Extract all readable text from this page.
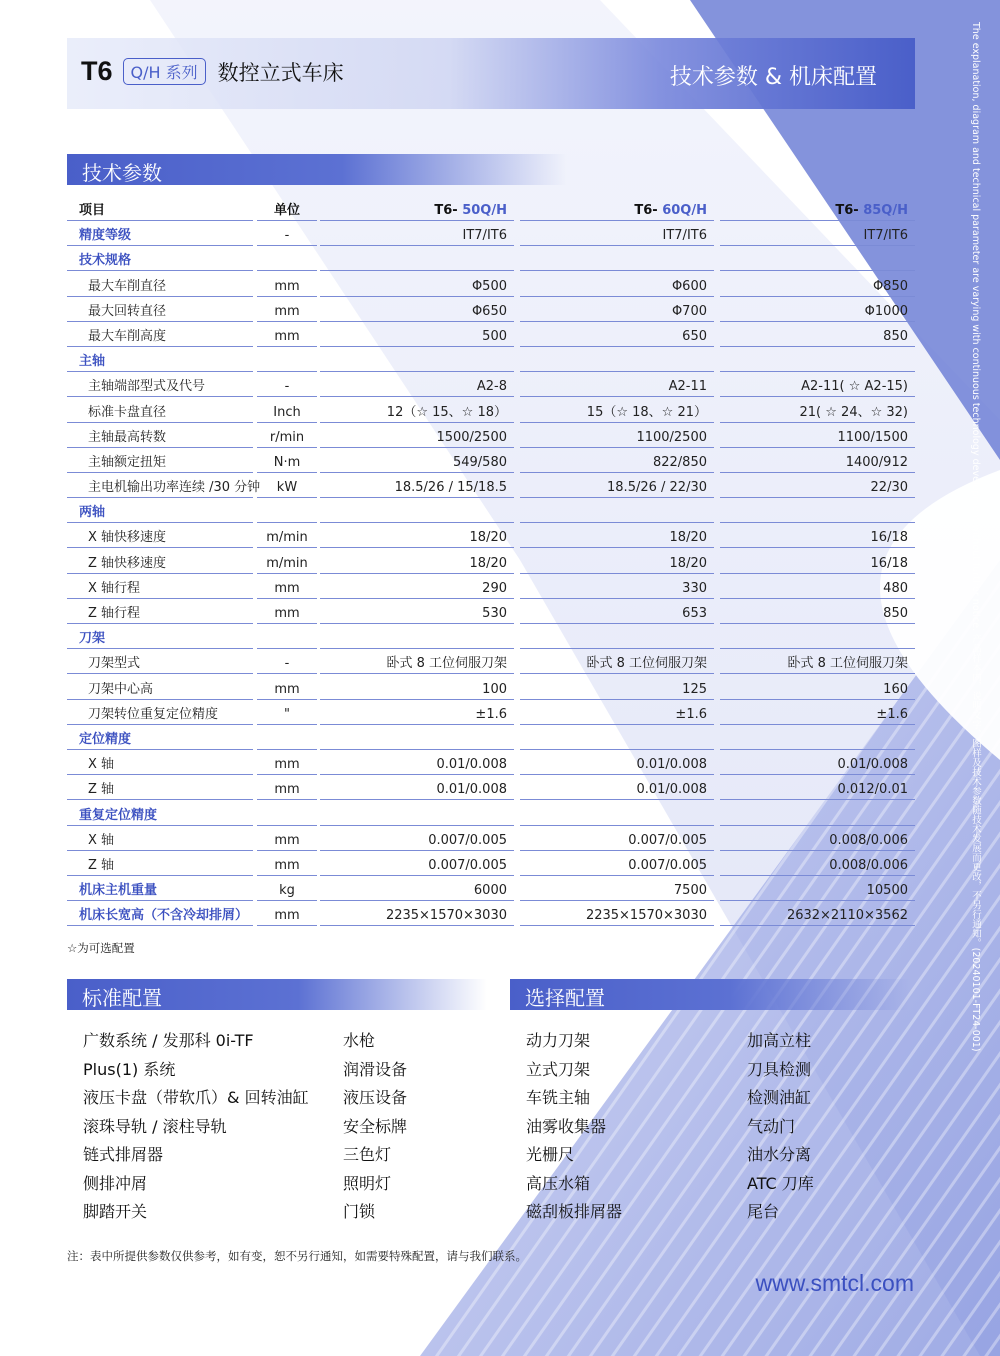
T6	Q/H 系列 数控立式车床	技术参数 & 机床配置	The explanation, diagram and technical parameter are varying with continuous technology development without further notice. 产品样本内，说明文字、图样及技术参数随技术发展而更改，不另行通知。(20240101-FT24-001)
技术参数
项目	单位	T6- 50Q/H	T6- 60Q/H	T6- 85Q/H
精度等级	-	IT7/IT6	IT7/IT6	IT7/IT6
技术规格
最大车削直径	mm	Φ500	Φ600	Φ850
最大回转直径	mm	Φ650	Φ700	Φ1000
最大车削高度	mm	500	650	850
主轴
主轴端部型式及代号	-	A2-8	A2-11	A2-11( ☆ A2-15)
标准卡盘直径	Inch	12（☆ 15、☆ 18）	15（☆ 18、☆ 21）	21( ☆ 24、☆ 32)
主轴最高转数	r/min	1500/2500	1100/2500	1100/1500
主轴额定扭矩	N·m	549/580	822/850	1400/912
主电机输出功率连续 /30 分钟	kW	18.5/26 / 15/18.5	18.5/26 / 22/30	22/30
两轴
X 轴快移速度	m/min	18/20	18/20	16/18
Z 轴快移速度	m/min	18/20	18/20	16/18
X 轴行程	mm	290	330	480
Z 轴行程	mm	530	653	850
刀架
刀架型式	-	卧式 8 工位伺服刀架	卧式 8 工位伺服刀架	卧式 8 工位伺服刀架
刀架中心高	mm	100	125	160
刀架转位重复定位精度	"	±1.6	±1.6	±1.6
定位精度
X 轴	mm	0.01/0.008	0.01/0.008	0.01/0.008
Z 轴	mm	0.01/0.008	0.01/0.008	0.012/0.01
重复定位精度
X 轴	mm	0.007/0.005	0.007/0.005	0.008/0.006
Z 轴	mm	0.007/0.005	0.007/0.005	0.008/0.006
机床主机重量	kg	6000	7500	10500
机床长宽高（不含冷却排屑）	mm	2235×1570×3030	2235×1570×3030	2632×2110×3562
☆为可选配置
标准配置
广数系统 / 发那科 0i-TF
Plus(1) 系统
液压卡盘（带软爪）& 回转油缸
滚珠导轨 / 滚柱导轨
链式排屑器
侧排冲屑
脚踏开关
水枪
润滑设备
液压设备
安全标牌
三色灯
照明灯
门锁
选择配置
动力刀架
立式刀架
车铣主轴
油雾收集器
光栅尺
高压水箱
磁刮板排屑器
加高立柱
刀具检测
检测油缸
气动门
油水分离
ATC 刀库
尾台
注：表中所提供参数仅供参考，如有变，恕不另行通知，如需要特殊配置，请与我们联系。
www.smtcl.com
